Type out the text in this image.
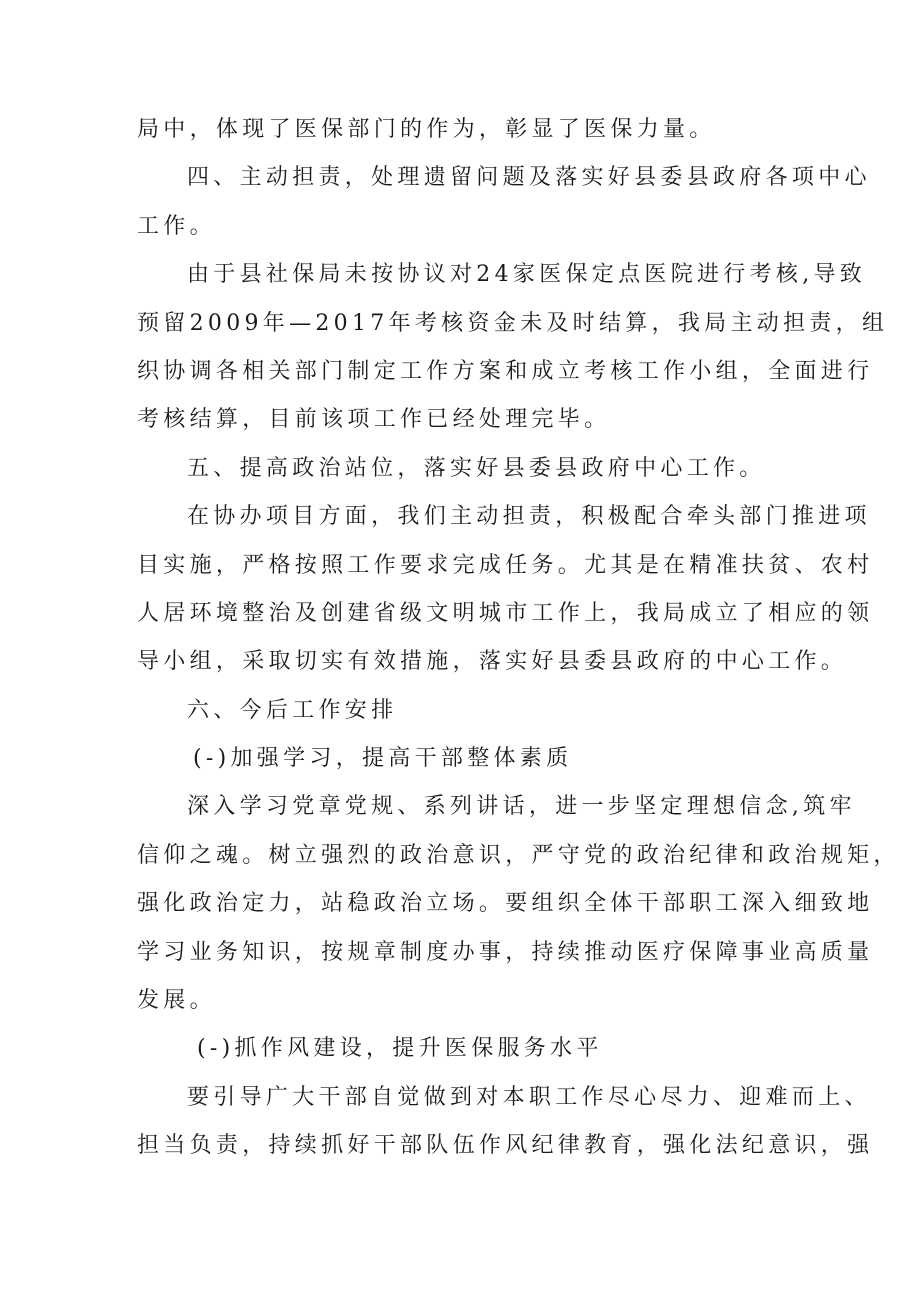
局中，体现了医保部门的作为，彰显了医保力量。
四、主动担责，处理遗留问题及落实好县委县政府各项中心
工作。
由于县社保局未按协议对24家医保定点医院进行考核,导致
预留2009年—2017年考核资金未及时结算，我局主动担责，组
织协调各相关部门制定工作方案和成立考核工作小组，全面进行
考核结算，目前该项工作已经处理完毕。
五、提高政治站位，落实好县委县政府中心工作。
在协办项目方面，我们主动担责，积极配合牵头部门推进项
目实施，严格按照工作要求完成任务。尤其是在精准扶贫、农村
人居环境整治及创建省级文明城市工作上，我局成立了相应的领
导小组，采取切实有效措施，落实好县委县政府的中心工作。
六、今后工作安排
(-)加强学习，提高干部整体素质
深入学习党章党规、系列讲话，进一步坚定理想信念,筑牢
信仰之魂。树立强烈的政治意识，严守党的政治纪律和政治规矩，
强化政治定力，站稳政治立场。要组织全体干部职工深入细致地
学习业务知识，按规章制度办事，持续推动医疗保障事业高质量
发展。
(-)抓作风建设，提升医保服务水平
要引导广大干部自觉做到对本职工作尽心尽力、迎难而上、
担当负责，持续抓好干部队伍作风纪律教育，强化法纪意识，强
